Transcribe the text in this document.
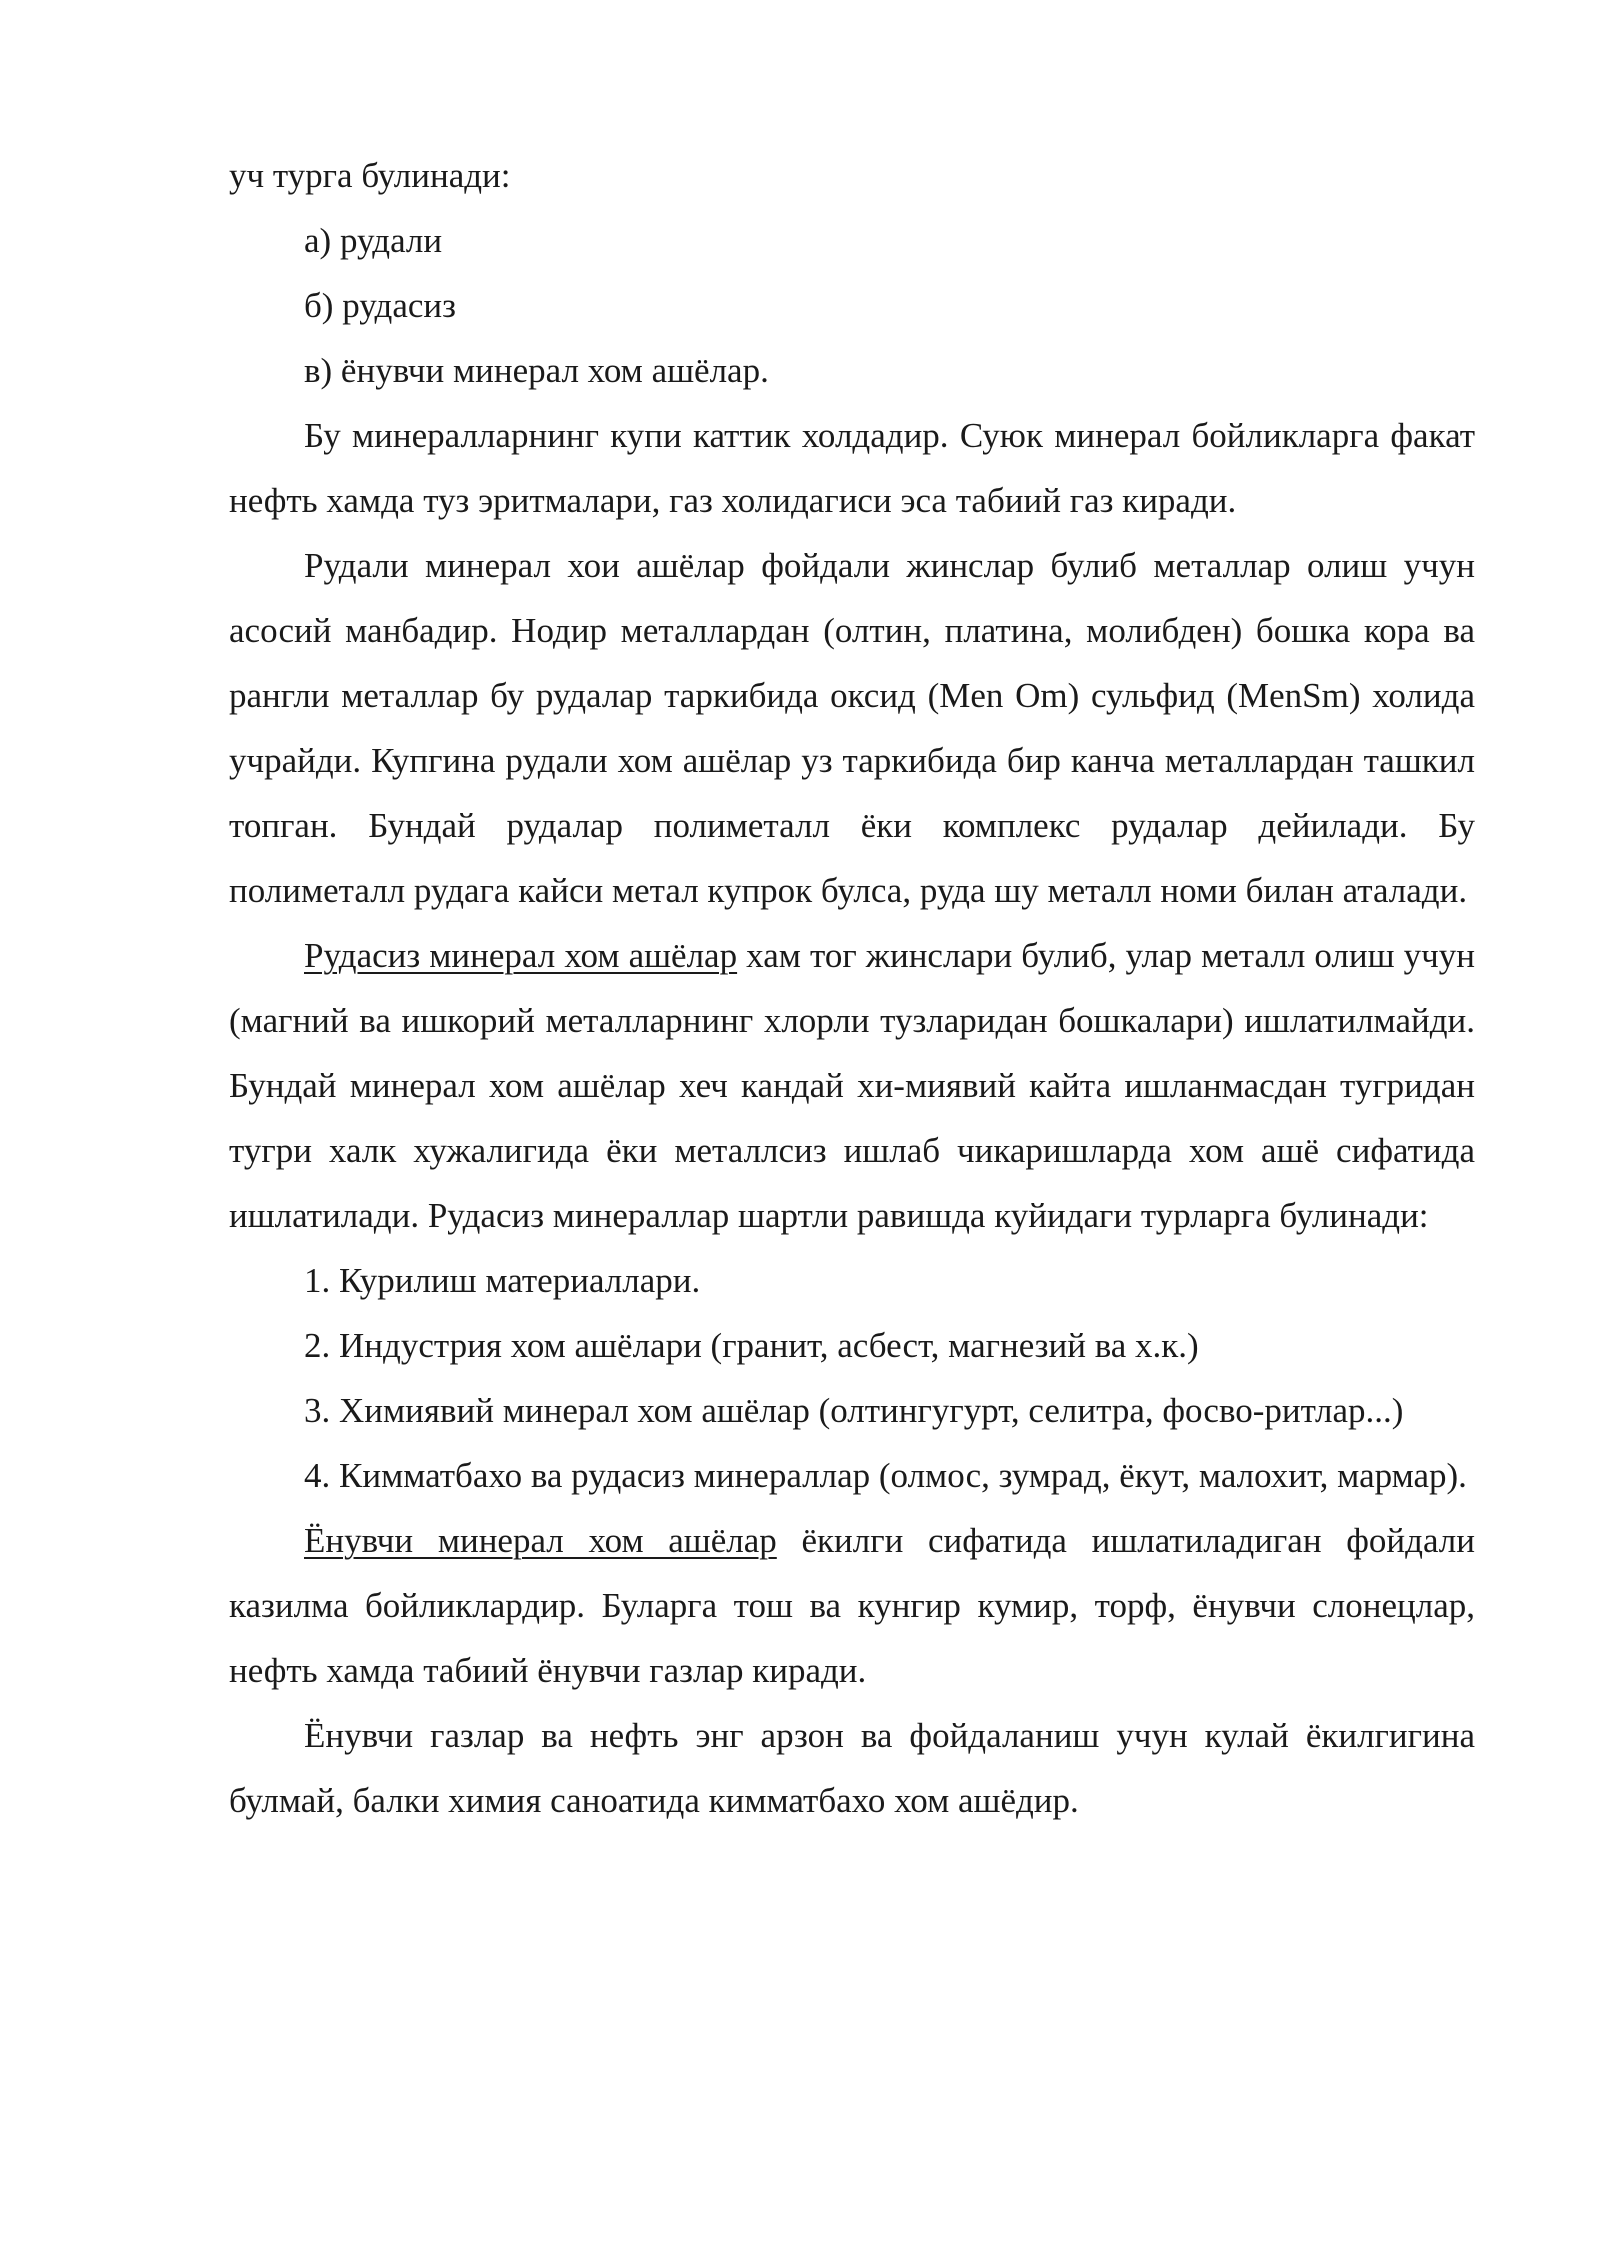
уч турга булинади:

а) рудали

б) рудасиз

в) ёнувчи минерал хом ашёлар.

Бу минералларнинг купи каттик холдадир. Суюк минерал бойликларга факат нефть хамда туз эритмалари, газ холидагиси эса табиий газ киради.

Рудали минерал хои ашёлар фойдали жинслар булиб металлар олиш учун асосий манбадир. Нодир металлардан (олтин, платина, молибден) бошка кора ва рангли металлар бу рудалар таркибида оксид (Men Om) сульфид (MenSm) холида учрайди. Купгина рудали хом ашёлар уз таркибида бир канча металлардан ташкил топган. Бундай рудалар полиметалл ёки комплекс рудалар дейилади. Бу полиметалл рудага кайси метал купрок булса, руда шу металл номи билан аталади.

Рудасиз минерал хом ашёлар хам тог жинслари булиб, улар металл олиш учун (магний ва ишкорий металларнинг хлорли тузларидан бошкалари) ишлатилмайди. Бундай минерал хом ашёлар хеч кандай хи-миявий кайта ишланмасдан тугридан тугри халк хужалигида ёки металлсиз ишлаб чикаришларда хом ашё сифатида ишлатилади. Рудасиз минераллар шартли равишда куйидаги турларга булинади:

1. Курилиш материаллари.

2. Индустрия хом ашёлари (гранит, асбест, магнезий ва х.к.)

3. Химиявий минерал хом ашёлар (олтингугурт, селитра, фосво-ритлар...)

4. Кимматбахо ва рудасиз минераллар (олмос, зумрад, ёкут, малохит, мармар).

Ёнувчи минерал хом ашёлар ёкилги сифатида ишлатиладиган фойдали казилма бойликлардир. Буларга тош ва кунгир кумир, торф, ёнувчи слонецлар, нефть хамда табиий ёнувчи газлар киради.

Ёнувчи газлар ва нефть энг арзон ва фойдаланиш учун кулай ёкилгигина булмай, балки химия саноатида кимматбахо хом ашёдир.
